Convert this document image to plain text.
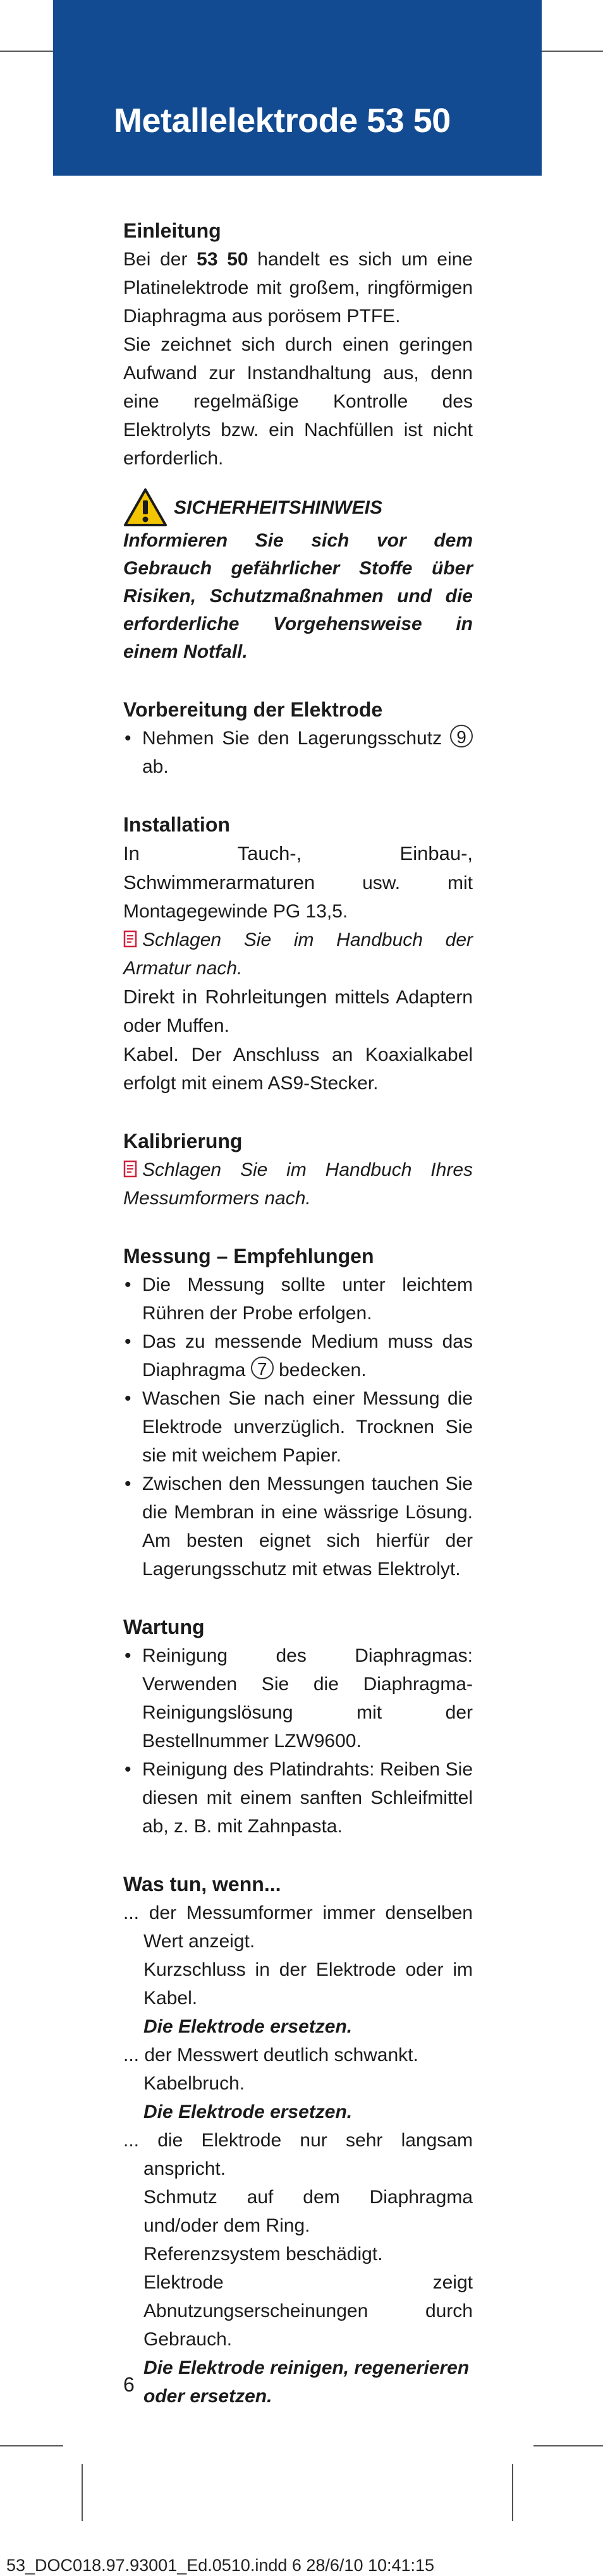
Metallelektrode 53 50

Einleitung

Bei der 53 50 handelt es sich um eine Platinelektrode mit großem, ringförmigen Diaphragma aus porösem PTFE.

Sie zeichnet sich durch einen geringen Aufwand zur Instandhaltung aus, denn eine regelmäßige Kontrolle des Elektrolyts bzw. ein Nachfüllen ist nicht erforderlich.

SICHERHEITSHINWEIS

Informieren Sie sich vor dem Gebrauch gefährlicher Stoffe über Risiken, Schutzmaßnahmen und die erforderliche Vorgehensweise in einem Notfall.

Vorbereitung der Elektrode

• Nehmen Sie den Lagerungsschutz 9 ab.

Installation

In Tauch-, Einbau-, Schwimmerarmaturen usw. mit Montagegewinde PG 13,5.

Schlagen Sie im Handbuch der Armatur nach.

Direkt in Rohrleitungen mittels Adaptern oder Muffen.

Kabel. Der Anschluss an Koaxialkabel erfolgt mit einem AS9-Stecker.

Kalibrierung

Schlagen Sie im Handbuch Ihres Messumformers nach.

Messung – Empfehlungen

• Die Messung sollte unter leichtem Rühren der Probe erfolgen.
• Das zu messende Medium muss das Diaphragma 7 bedecken.
• Waschen Sie nach einer Messung die Elektrode unverzüglich. Trocknen Sie sie mit weichem Papier.
• Zwischen den Messungen tauchen Sie die Membran in eine wässrige Lösung. Am besten eignet sich hierfür der Lagerungsschutz mit etwas Elektrolyt.

Wartung

• Reinigung des Diaphragmas: Verwenden Sie die Diaphragma-Reinigungslösung mit der Bestellnummer LZW9600.
• Reinigung des Platindrahts: Reiben Sie diesen mit einem sanften Schleifmittel ab, z. B. mit Zahnpasta.

Was tun, wenn...

... der Messumformer immer denselben Wert anzeigt.
Kurzschluss in der Elektrode oder im Kabel.
Die Elektrode ersetzen.
... der Messwert deutlich schwankt.
Kabelbruch.
Die Elektrode ersetzen.
... die Elektrode nur sehr langsam anspricht.
Schmutz auf dem Diaphragma und/oder dem Ring.
Referenzsystem beschädigt.
Elektrode zeigt Abnutzungserscheinungen durch Gebrauch.
Die Elektrode reinigen, regenerieren oder ersetzen.
6
53_DOC018.97.93001_Ed.0510.indd 6 28/6/10 10:41:15
